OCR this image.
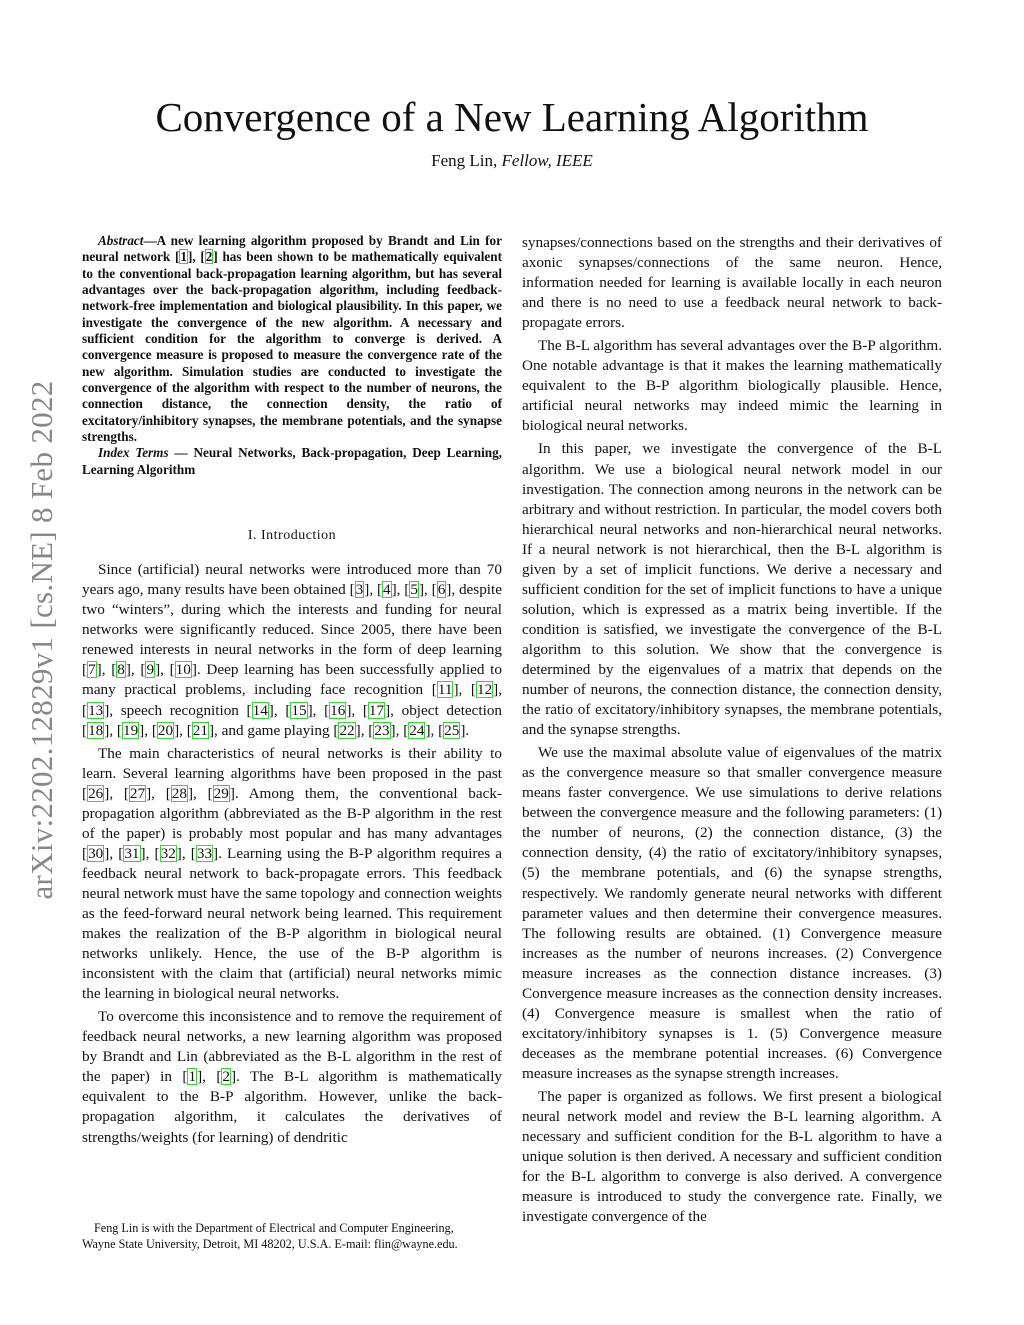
Convergence of a New Learning Algorithm
Feng Lin, Fellow, IEEE
arXiv:2202.12829v1 [cs.NE] 8 Feb 2022

Abstract—A new learning algorithm proposed by Brandt and Lin for neural network [1], [2] has been shown to be mathematically equivalent to the conventional back-propagation learning algorithm, but has several advantages over the back-propagation algorithm, including feedback-network-free implementation and biological plausibility. In this paper, we investigate the convergence of the new algorithm. A necessary and sufficient condition for the algorithm to converge is derived. A convergence measure is proposed to measure the convergence rate of the new algorithm. Simulation studies are conducted to investigate the convergence of the algorithm with respect to the number of neurons, the connection distance, the connection density, the ratio of excitatory/inhibitory synapses, the membrane potentials, and the synapse strengths.

Index Terms — Neural Networks, Back-propagation, Deep Learning, Learning Algorithm

I. Introduction

Since (artificial) neural networks were introduced more than 70 years ago, many results have been obtained [3], [4], [5], [6], despite two “winters”, during which the interests and funding for neural networks were significantly reduced. Since 2005, there have been renewed interests in neural networks in the form of deep learning [7], [8], [9], [10]. Deep learning has been successfully applied to many practical problems, including face recognition [11], [12], [13], speech recognition [14], [15], [16], [17], object detection [18], [19], [20], [21], and game playing [22], [23], [24], [25].

The main characteristics of neural networks is their ability to learn. Several learning algorithms have been proposed in the past [26], [27], [28], [29]. Among them, the conventional back-propagation algorithm (abbreviated as the B-P algorithm in the rest of the paper) is probably most popular and has many advantages [30], [31], [32], [33]. Learning using the B-P algorithm requires a feedback neural network to back-propagate errors. This feedback neural network must have the same topology and connection weights as the feed-forward neural network being learned. This requirement makes the realization of the B-P algorithm in biological neural networks unlikely. Hence, the use of the B-P algorithm is inconsistent with the claim that (artificial) neural networks mimic the learning in biological neural networks.

To overcome this inconsistence and to remove the requirement of feedback neural networks, a new learning algorithm was proposed by Brandt and Lin (abbreviated as the B-L algorithm in the rest of the paper) in [1], [2]. The B-L algorithm is mathematically equivalent to the B-P algorithm. However, unlike the back-propagation algorithm, it calculates the derivatives of strengths/weights (for learning) of dendritic

synapses/connections based on the strengths and their derivatives of axonic synapses/connections of the same neuron. Hence, information needed for learning is available locally in each neuron and there is no need to use a feedback neural network to back-propagate errors.

The B-L algorithm has several advantages over the B-P algorithm. One notable advantage is that it makes the learning mathematically equivalent to the B-P algorithm biologically plausible. Hence, artificial neural networks may indeed mimic the learning in biological neural networks.

In this paper, we investigate the convergence of the B-L algorithm. We use a biological neural network model in our investigation. The connection among neurons in the network can be arbitrary and without restriction. In particular, the model covers both hierarchical neural networks and non-hierarchical neural networks. If a neural network is not hierarchical, then the B-L algorithm is given by a set of implicit functions. We derive a necessary and sufficient condition for the set of implicit functions to have a unique solution, which is expressed as a matrix being invertible. If the condition is satisfied, we investigate the convergence of the B-L algorithm to this solution. We show that the convergence is determined by the eigenvalues of a matrix that depends on the number of neurons, the connection distance, the connection density, the ratio of excitatory/inhibitory synapses, the membrane potentials, and the synapse strengths.

We use the maximal absolute value of eigenvalues of the matrix as the convergence measure so that smaller convergence measure means faster convergence. We use simulations to derive relations between the convergence measure and the following parameters: (1) the number of neurons, (2) the connection distance, (3) the connection density, (4) the ratio of excitatory/inhibitory synapses, (5) the membrane potentials, and (6) the synapse strengths, respectively. We randomly generate neural networks with different parameter values and then determine their convergence measures. The following results are obtained. (1) Convergence measure increases as the number of neurons increases. (2) Convergence measure increases as the connection distance increases. (3) Convergence measure increases as the connection density increases. (4) Convergence measure is smallest when the ratio of excitatory/inhibitory synapses is 1. (5) Convergence measure deceases as the membrane potential increases. (6) Convergence measure increases as the synapse strength increases.

The paper is organized as follows. We first present a biological neural network model and review the B-L learning algorithm. A necessary and sufficient condition for the B-L algorithm to have a unique solution is then derived. A necessary and sufficient condition for the B-L algorithm to converge is also derived. A convergence measure is introduced to study the convergence rate. Finally, we investigate convergence of the

Feng Lin is with the Department of Electrical and Computer Engineering,
Wayne State University, Detroit, MI 48202, U.S.A. E-mail: flin@wayne.edu.
